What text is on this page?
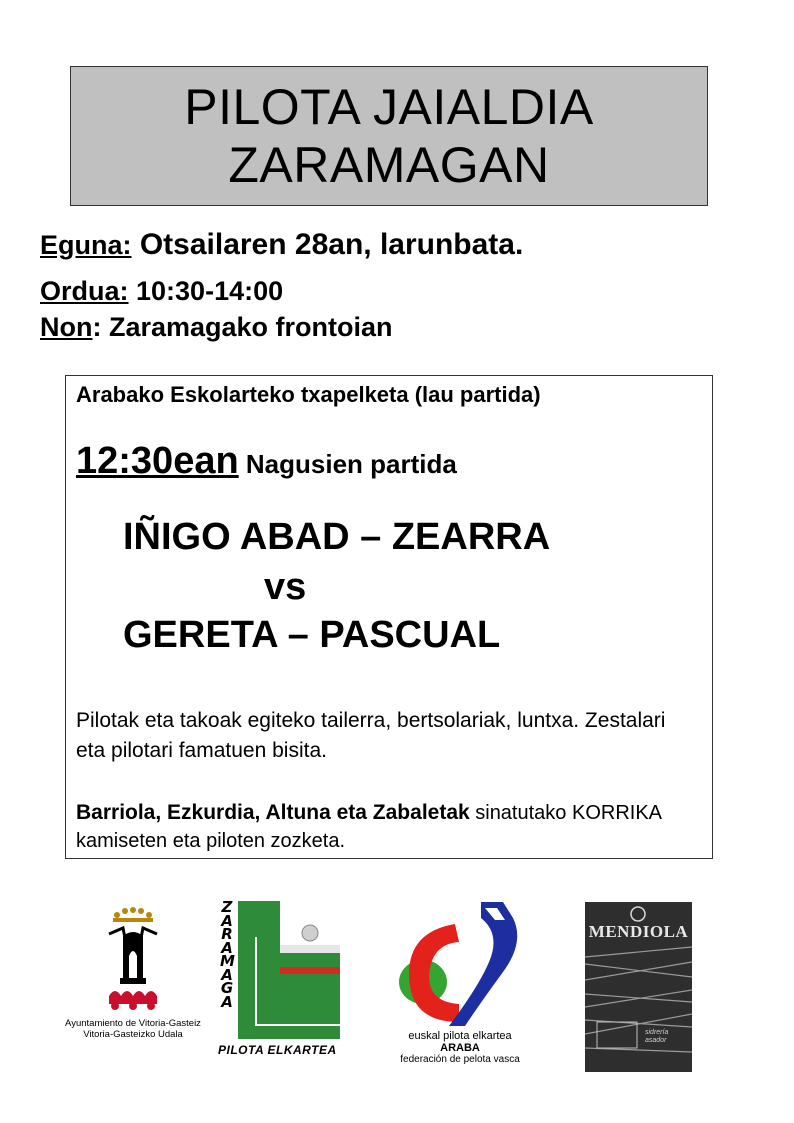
PILOTA JAIALDIA
ZARAMAGAN
Eguna: Otsailaren 28an, larunbata.
Ordua: 10:30-14:00
Non: Zaramagako frontoian
Arabako Eskolarteko txapelketa (lau partida)
12:30ean Nagusien partida
IÑIGO ABAD – ZEARRA
vs
GERETA – PASCUAL
Pilotak eta takoak egiteko tailerra, bertsolariak, luntxa. Zestalari eta pilotari famatuen bisita.
Barriola, Ezkurdia, Altuna eta Zabaletak sinatutako KORRIKA kamiseten eta piloten zozketa.
Ayuntamiento de Vitoria-Gasteiz
Vitoria-Gasteizko Udala
Z
A
R
A
M
A
G
A
PILOTA ELKARTEA
euskal pilota elkartea
ARABA
federación de pelota vasca
MENDIOLA
sidrería
asador
